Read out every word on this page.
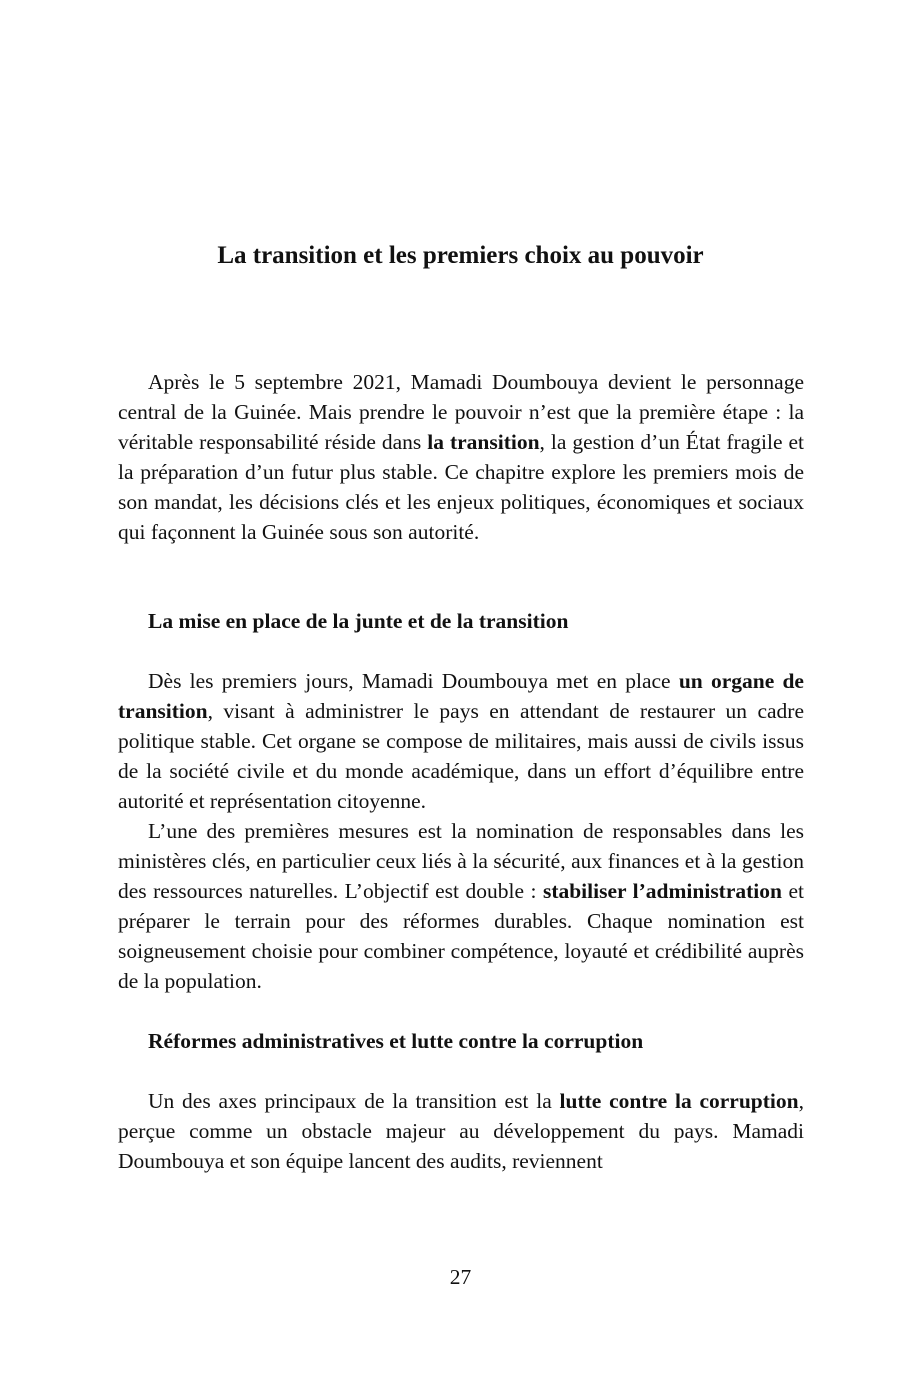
La transition et les premiers choix au pouvoir

Après le 5 septembre 2021, Mamadi Doumbouya devient le personnage central de la Guinée. Mais prendre le pouvoir n’est que la première étape : la véritable responsabilité réside dans la transition, la gestion d’un État fragile et la préparation d’un futur plus stable. Ce chapitre explore les premiers mois de son mandat, les décisions clés et les enjeux politiques, économiques et sociaux qui façonnent la Guinée sous son autorité.

La mise en place de la junte et de la transition

Dès les premiers jours, Mamadi Doumbouya met en place un organe de transition, visant à administrer le pays en attendant de restaurer un cadre politique stable. Cet organe se compose de militaires, mais aussi de civils issus de la société civile et du monde académique, dans un effort d’équilibre entre autorité et représentation citoyenne.

L’une des premières mesures est la nomination de responsables dans les ministères clés, en particulier ceux liés à la sécurité, aux finances et à la gestion des ressources naturelles. L’objectif est double : stabiliser l’administration et préparer le terrain pour des réformes durables. Chaque nomination est soigneusement choisie pour combiner compétence, loyauté et crédibilité auprès de la population.

Réformes administratives et lutte contre la corruption

Un des axes principaux de la transition est la lutte contre la corruption, perçue comme un obstacle majeur au développement du pays. Mamadi Doumbouya et son équipe lancent des audits, reviennent

27
